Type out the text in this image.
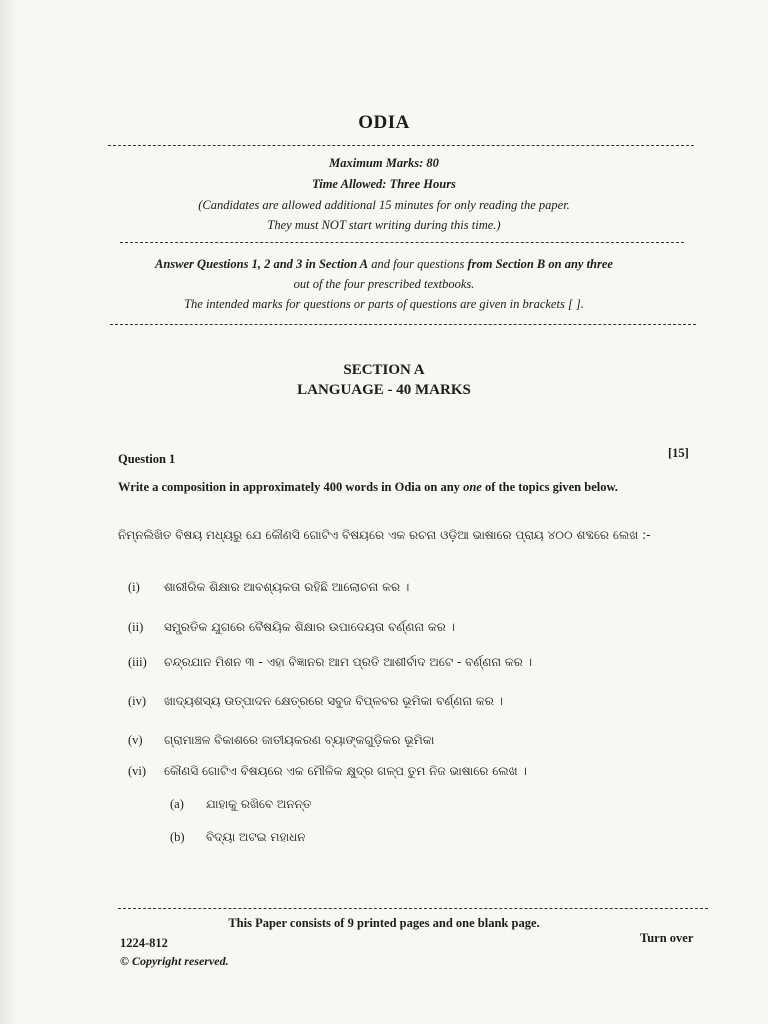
ODIA
Maximum Marks: 80
Time Allowed: Three Hours
(Candidates are allowed additional 15 minutes for only reading the paper.
They must NOT start writing during this time.)
Answer Questions 1, 2 and 3 in Section A and four questions from Section B on any three
out of the four prescribed textbooks.
The intended marks for questions or parts of questions are given in brackets [ ].
SECTION A
LANGUAGE - 40 MARKS
Question 1	[15]
Write a composition in approximately 400 words in Odia on any one of the topics given below.
ନିମ୍ନଲିଖିତ ବିଷୟ ମଧ୍ୟରୁ ଯେ କୌଣସି ଗୋଟିଏ ବିଷୟରେ ଏକ ରଚନା ଓଡ଼ିଆ ଭାଷାରେ ପ୍ରାୟ ୪୦୦ ଶବ୍ଦରେ ଲେଖ :-
(i)	ଶାରୀରିକ ଶିକ୍ଷାର ଆବଶ୍ୟକତା ରହିଛି ଆଲୋଚନା କର ।
(ii)	ସମ୍ପ୍ରତିକ ଯୁଗରେ ବୈଷୟିକ ଶିକ୍ଷାର ଉପାଦେୟତା ବର୍ଣ୍ଣନା କର ।
(iii)	ଚନ୍ଦ୍ରଯାନ ମିଶନ ୩ - ଏହା ବିଜ୍ଞାନର ଆମ ପ୍ରତି ଆଶୀର୍ବାଦ ଅଟେ - ବର୍ଣ୍ଣନା କର ।
(iv)	ଖାଦ୍ୟଶସ୍ୟ ଉତ୍ପାଦନ କ୍ଷେତ୍ରରେ ସବୁଜ ବିପ୍ଳବର ଭୂମିକା ବର୍ଣ୍ଣନା କର ।
(v)	ଗ୍ରାମାଞ୍ଚଳ ବିକାଶରେ ଜାତୀୟକରଣ ବ୍ୟାଙ୍କଗୁଡ଼ିକର ଭୂମିକା
(vi)	କୌଣସି ଗୋଟିଏ ବିଷୟରେ ଏକ ମୌଳିକ କ୍ଷୁଦ୍ର ଗଳ୍ପ ତୁମ ନିଜ ଭାଷାରେ ଲେଖ ।
(a)	ଯାହାକୁ ରଖିବେ ଅନନ୍ତ
(b)	ବିଦ୍ୟା ଅଟଇ ମହାଧନ
This Paper consists of 9 printed pages and one blank page.
1224-812	Turn over
© Copyright reserved.
